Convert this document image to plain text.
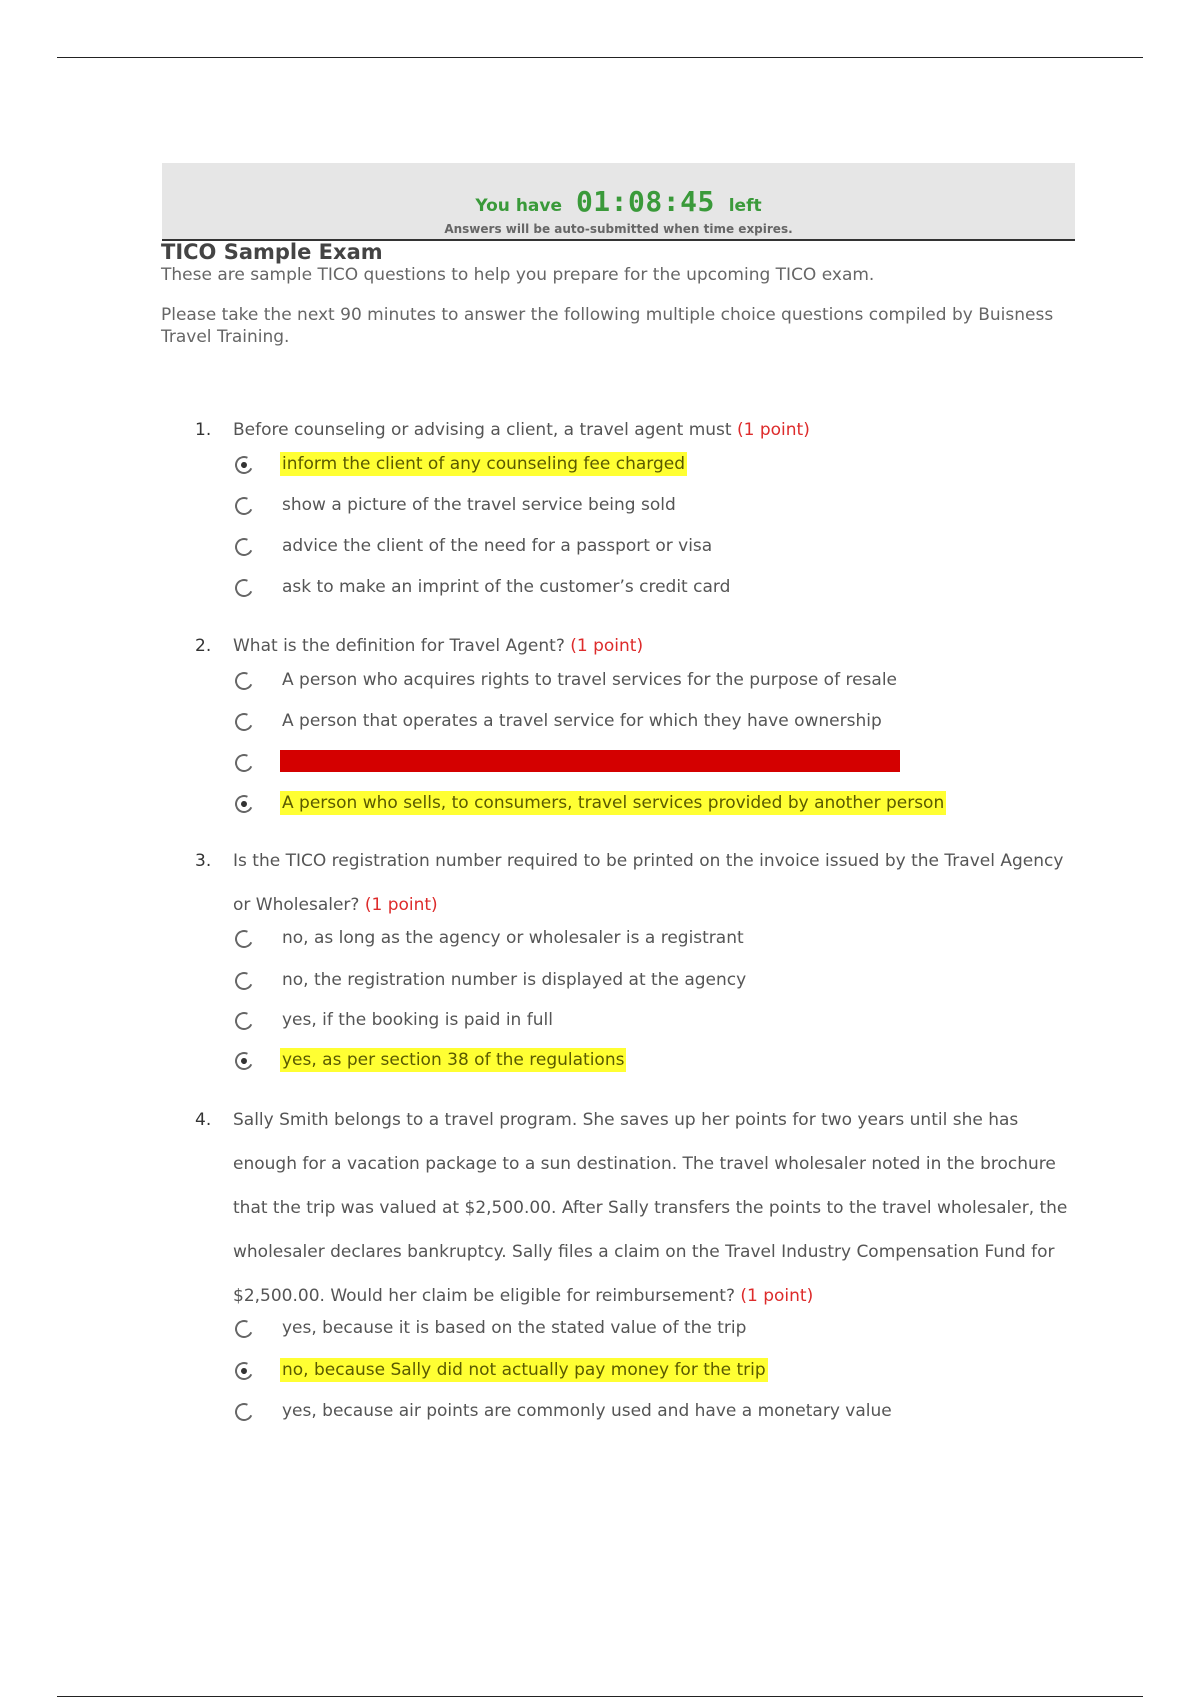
You have 01:08:45 left
Answers will be auto-submitted when time expires.
TICO Sample Exam
These are sample TICO questions to help you prepare for the upcoming TICO exam.
Please take the next 90 minutes to answer the following multiple choice questions compiled by Buisness Travel Training.
1.	Before counseling or advising a client, a travel agent must (1 point)
inform the client of any counseling fee charged
show a picture of the travel service being sold
advice the client of the need for a passport or visa
ask to make an imprint of the customer’s credit card
2.	What is the definition for Travel Agent? (1 point)
A person who acquires rights to travel services for the purpose of resale
A person that operates a travel service for which they have ownership
A person who sells, to consumers, travel services provided by another person
3.	Is the TICO registration number required to be printed on the invoice issued by the Travel Agency or Wholesaler? (1 point)
no, as long as the agency or wholesaler is a registrant
no, the registration number is displayed at the agency
yes, if the booking is paid in full
yes, as per section 38 of the regulations
4.	Sally Smith belongs to a travel program. She saves up her points for two years until she has enough for a vacation package to a sun destination. The travel wholesaler noted in the brochure that the trip was valued at $2,500.00. After Sally transfers the points to the travel wholesaler, the wholesaler declares bankruptcy. Sally files a claim on the Travel Industry Compensation Fund for $2,500.00. Would her claim be eligible for reimbursement? (1 point)
yes, because it is based on the stated value of the trip
no, because Sally did not actually pay money for the trip
yes, because air points are commonly used and have a monetary value
